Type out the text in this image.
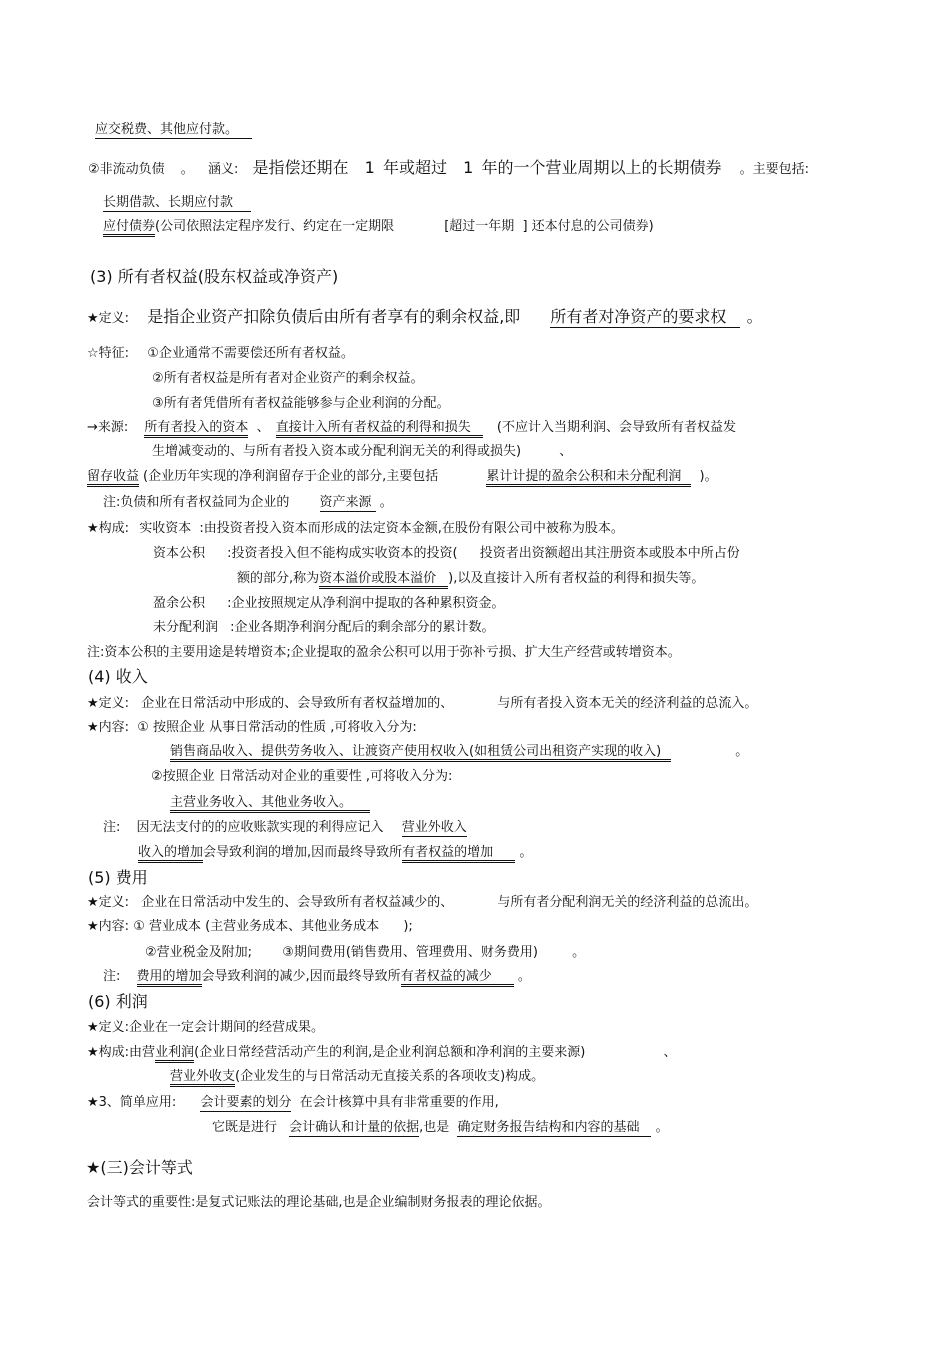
应交税费、其他应付款。
②非流动负债 。 涵义: 是指偿还期在 1 年或超过 1 年的一个营业周期以上的长期债券 。主要包括:
长期借款、长期应付款
应付债券(公司依照法定程序发行、约定在一定期限	[超过一年期 ] 还本付息的公司债券)
(3) 所有者权益(股东权益或净资产)
★定义: 是指企业资产扣除负债后由所有者享有的剩余权益,即 所有者对净资产的要求权 。
☆特征: ①企业通常不需要偿还所有者权益。
②所有者权益是所有者对企业资产的剩余权益。
③所有者凭借所有者权益能够参与企业利润的分配。
→来源: 所有者投入的资本 、 直接计入所有者权益的利得和损失 (不应计入当期利润、会导致所有者权益发
生增减变动的、与所有者投入资本或分配利润无关的利得或损失)	、
留存收益 (企业历年实现的净利润留存于企业的部分,主要包括	累计计提的盈余公积和未分配利润 )。
注:负债和所有者权益同为企业的 资产来源 。
★构成: 实收资本 :由投资者投入资本而形成的法定资本金额,在股份有限公司中被称为股本。
资本公积 :投资者投入但不能构成实收资本的投资( 投资者出资额超出其注册资本或股本中所占份
额的部分,称为资本溢价或股本溢价 ),以及直接计入所有者权益的利得和损失等。
盈余公积 :企业按照规定从净利润中提取的各种累积资金。
未分配利润 :企业各期净利润分配后的剩余部分的累计数。
注:资本公积的主要用途是转增资本;企业提取的盈余公积可以用于弥补亏损、扩大生产经营或转增资本。
(4) 收入
★定义: 企业在日常活动中形成的、会导致所有者权益增加的、	与所有者投入资本无关的经济利益的总流入。
★内容: ① 按照企业 从事日常活动的性质 ,可将收入分为:
销售商品收入、提供劳务收入、让渡资产使用权收入(如租赁公司出租资产实现的收入)	。
②按照企业 日常活动对企业的重要性 ,可将收入分为:
主营业务收入、其他业务收入。
注: 因无法支付的的应收账款实现的利得应记入 营业外收入
收入的增加会导致利润的增加,因而最终导致所有者权益的增加 。
(5) 费用
★定义: 企业在日常活动中发生的、会导致所有者权益减少的、	与所有者分配利润无关的经济利益的总流出。
★内容: ① 营业成本 (主营业务成本、其他业务成本 );
②营业税金及附加; ③期间费用(销售费用、管理费用、财务费用)	。
注: 费用的增加会导致利润的减少,因而最终导致所有者权益的减少 。
(6) 利润
★定义:企业在一定会计期间的经营成果。
★构成:由营业利润(企业日常经营活动产生的利润,是企业利润总额和净利润的主要来源)	、
营业外收支(企业发生的与日常活动无直接关系的各项收支)构成。
★3、简单应用: 会计要素的划分 在会计核算中具有非常重要的作用,
它既是进行 会计确认和计量的依据,也是 确定财务报告结构和内容的基础 。
★(三)会计等式
会计等式的重要性:是复式记账法的理论基础,也是企业编制财务报表的理论依据。
